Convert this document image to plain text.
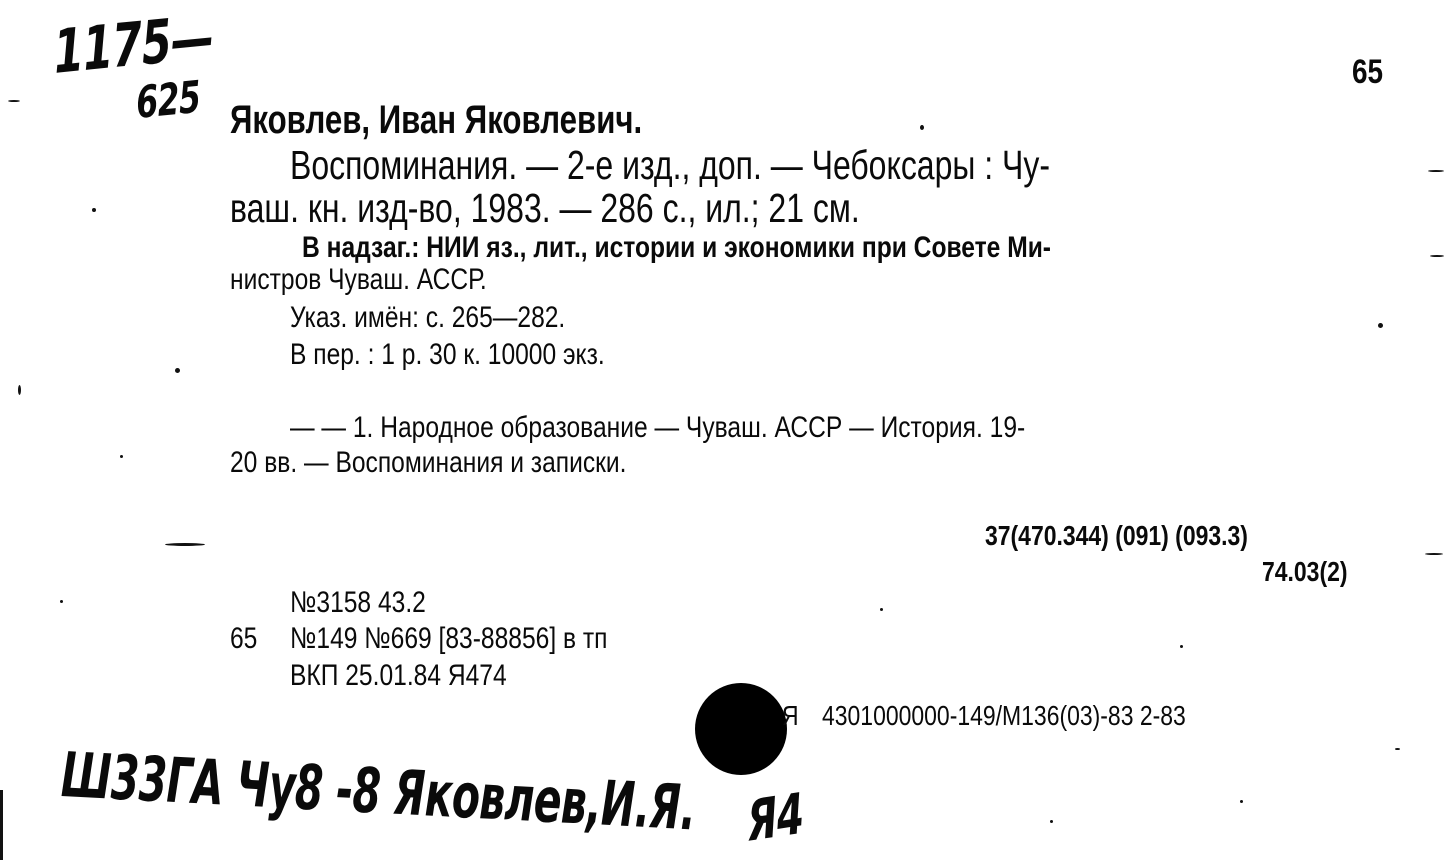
1175—
625	65
Яковлев, Иван Яковлевич.
Воспоминания. — 2-е изд., доп. — Чебоксары : Чу-
ваш. кн. изд-во, 1983. — 286 с., ил.; 21 см.
В надзаг.: НИИ яз., лит., истории и экономики при Совете Ми-
нистров Чуваш. АССР.
Указ. имён: с. 265—282.
В пер. : 1 р. 30 к. 10000 экз.
— — 1. Народное образование — Чуваш. АССР — История. 19-
20 вв. — Воспоминания и записки.
37(470.344) (091) (093.3)
74.03(2)
№3158 43.2
65 №149 №669 [83-88856] в тп
ВКП 25.01.84 Я474
Я 4301000000-149/М136(03)-83 2-83
Ш33ГА Чу8 -8 Яковлев,И.Я. Я4
